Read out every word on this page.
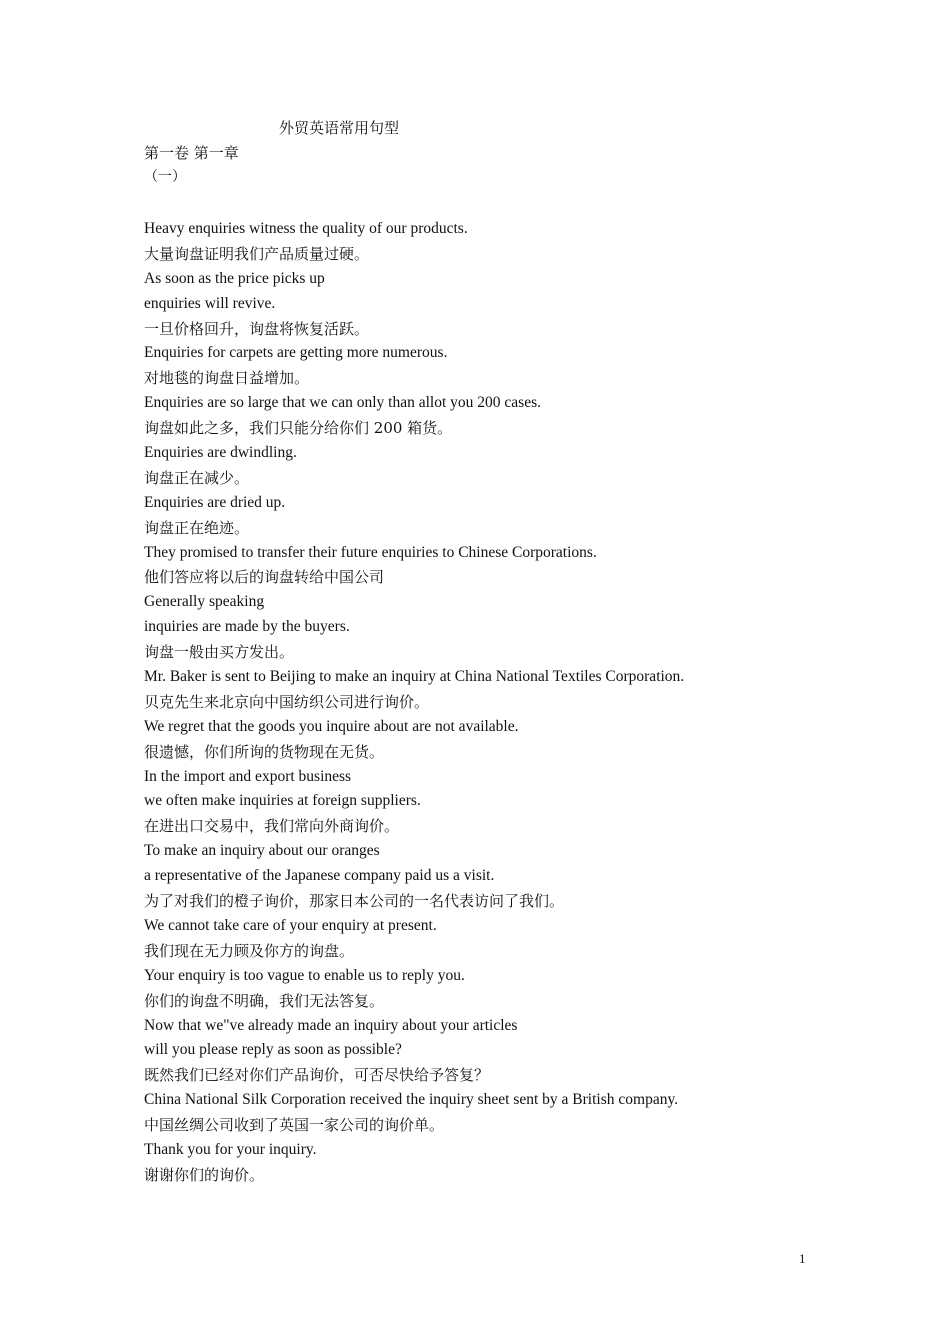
外贸英语常用句型
第一卷 第一章
（一）
Heavy enquiries witness the quality of our products.
大量询盘证明我们产品质量过硬。
As soon as the price picks up
enquiries will revive.
一旦价格回升，询盘将恢复活跃。
Enquiries for carpets are getting more numerous.
对地毯的询盘日益增加。
Enquiries are so large that we can only than allot you 200 cases.
询盘如此之多，我们只能分给你们 200 箱货。
Enquiries are dwindling.
询盘正在减少。
Enquiries are dried up.
询盘正在绝迹。
They promised to transfer their future enquiries to Chinese Corporations.
他们答应将以后的询盘转给中国公司
Generally speaking
inquiries are made by the buyers.
询盘一般由买方发出。
Mr. Baker is sent to Beijing to make an inquiry at China National Textiles Corporation.
贝克先生来北京向中国纺织公司进行询价。
We regret that the goods you inquire about are not available.
很遗憾，你们所询的货物现在无货。
In the import and export business
we often make inquiries at foreign suppliers.
在进出口交易中，我们常向外商询价。
To make an inquiry about our oranges
a representative of the Japanese company paid us a visit.
为了对我们的橙子询价，那家日本公司的一名代表访问了我们。
We cannot take care of your enquiry at present.
我们现在无力顾及你方的询盘。
Your enquiry is too vague to enable us to reply you.
你们的询盘不明确，我们无法答复。
Now that we"ve already made an inquiry about your articles
will you please reply as soon as possible?
既然我们已经对你们产品询价，可否尽快给予答复？
China National Silk Corporation received the inquiry sheet sent by a British company.
中国丝绸公司收到了英国一家公司的询价单。
Thank you for your inquiry.
谢谢你们的询价。
1
